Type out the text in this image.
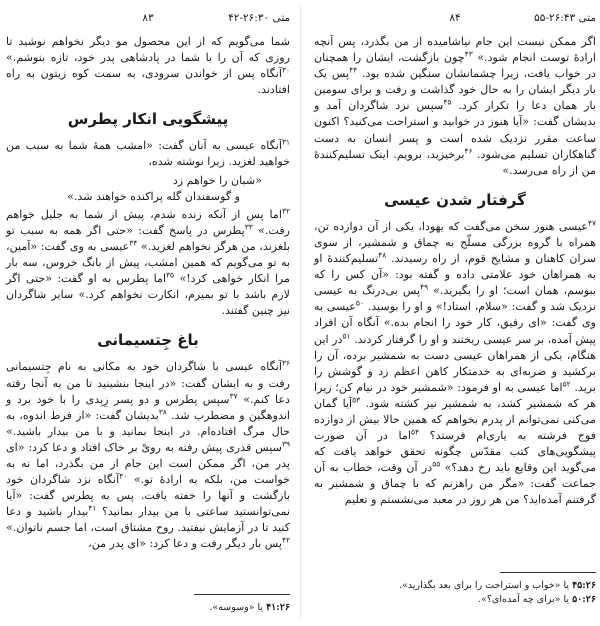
متی ۲۶:۳۰-۴۲
۸۳

شما می‌گویم که از این محصول مو دیگر نخواهم نوشید تا روزی که آن را با شما در پادشاهی پدر خود، تازه بنوشم.» $^{۳۰}$آنگاه پس از خواندن سرودی، به سمت کوه زیتون به راه افتادند.

پیشگویی انکار پطرس

$^{۳۱}$آنگاه عیسی به آنان گفت: «امشب همهٔ شما به سبب من خواهید لغزید. زیرا نوشته شده،

«شبان را خواهم زد
و گوسفندان گله پراکنده خواهند شد.»

$^{۳۲}$اما پس از آنکه زنده شدم، پیش از شما به جلیل خواهم رفت.» $^{۳۳}$پطرس در پاسخ گفت: «حتی اگر همه به سبب تو بلغزند، من هرگز نخواهم لغزید.» $^{۳۴}$عیسی به وی گفت: «آمین، به تو می‌گویم که همین امشب، پیش از بانگ خروس، سه بار مرا انکار خواهی کرد!» $^{۳۵}$اما پطرس به او گفت: «حتی اگر لازم باشد با تو بمیرم، انکارت نخواهم کرد.» سایر شاگردان نیز چنین گفتند.

باغ جِتسیمانی

$^{۳۶}$آنگاه عیسی با شاگردان خود به مکانی به نام جِتسیمانی رفت و به ایشان گفت: «در اینجا بنشینید تا من به آنجا رفته دعا کنم.» $^{۳۷}$سپس پطرس و دو پسر زِبِدی را با خود برد و اندوهگین و مضطرب شد. $^{۳۸}$بدیشان گفت: «از فرط اندوه، به حال مرگ افتاده‌ام. در اینجا بمانید و با من بیدار باشید.» $^{۳۹}$سپس قدری پیش رفته به رویْ بر خاک افتاد و دعا کرد: «ای پدر من، اگر ممکن است این جام از من بگذرد، اما نه به خواست من، بلکه به ارادهٔ تو.» $^{۴۰}$آنگاه نزد شاگردان خود بازگشت و آنها را خفته یافت. پس به پطرس گفت: «آیا نمی‌توانستید ساعتی با من بیدار بمانید؟ $^{۴۱}$بیدار باشید و دعا کنید تا در آزمایش نیفتید. روح مشتاق است، اما جسم ناتوان.» $^{۴۲}$پس بار دیگر رفت و دعا کرد: «ای پدر من،

۴۱:۲۶ یا «وسوسه».
متی ۲۶:۴۳-۵۵
۸۴

اگر ممکن نیست این جام نیاشامیده از من بگذرد، پس آنچه ارادهٔ توست انجام شود.» $^{۴۳}$چون بازگشت، ایشان را همچنان در خواب یافت، زیرا چشمانشان سنگین شده بود. $^{۴۴}$پس یک بار دیگر ایشان را به حال خود گذاشت و رفت و برای سومین بار همان دعا را تکرار کرد. $^{۴۵}$سپس نزد شاگردان آمد و بدیشان گفت: «آیا هنوز در خوابید و استراحت می‌کنید؟ اکنون ساعت مقرر نزدیک شده است و پسر انسان به دست گناهکاران تسلیم می‌شود. $^{۴۶}$برخیزید، برویم. اینک تسلیم‌کنندهٔ من از راه می‌رسد.»

گرفتار شدن عیسی

$^{۴۷}$عیسی هنوز سخن می‌گفت که یهودا، یکی از آن دوازده تن، همراه با گروه بزرگی مسلّح به چماق و شمشیر، از سوی سران کاهنان و مشایخ قوم، از راه رسیدند. $^{۴۸}$تسلیم‌کنندهٔ او به همراهان خود علامتی داده و گفته بود: «آن کس را که ببوسم، همان است؛ او را بگیرید.» $^{۴۹}$پس بی‌درنگ به عیسی نزدیک شد و گفت: «سلام، استاد!» و او را بوسید. $^{۵۰}$عیسی به وی گفت: «ای رفیق، کار خود را انجام بده.» آنگاه آن افراد پیش آمده، بر سر عیسی ریختند و او را گرفتار کردند. $^{۵۱}$در این هنگام، یکی از همراهان عیسی دست به شمشیر برده، آن را برکشید و ضربه‌ای به خدمتکار کاهن اعظم زد و گوشش را برید. $^{۵۲}$اما عیسی به او فرمود: «شمشیر خود در نیام کن؛ زیرا هر که شمشیر کشد، به شمشیر نیز کشته شود. $^{۵۳}$آیا گمان می‌کنی نمی‌توانم از پدرم بخواهم که همین حالا بیش از دوازده فوج فرشته به یاری‌ام فرستد؟ $^{۵۴}$اما در آن صورت پیشگویی‌های کتب مقدّس چگونه تحقق خواهد یافت که می‌گوید این وقایع باید رخ دهد؟» $^{۵۵}$در آن وقت، خطاب به آن جماعت گفت: «مگر من راهزنم که با چماق و شمشیر به گرفتنم آمده‌اید؟ من هر روز در معبد می‌نشستم و تعلیم

۴۵:۲۶ یا «خواب و استراحت را برای بعد بگذارید».
۵۰:۲۶ یا «برای چه آمده‌ای؟».
